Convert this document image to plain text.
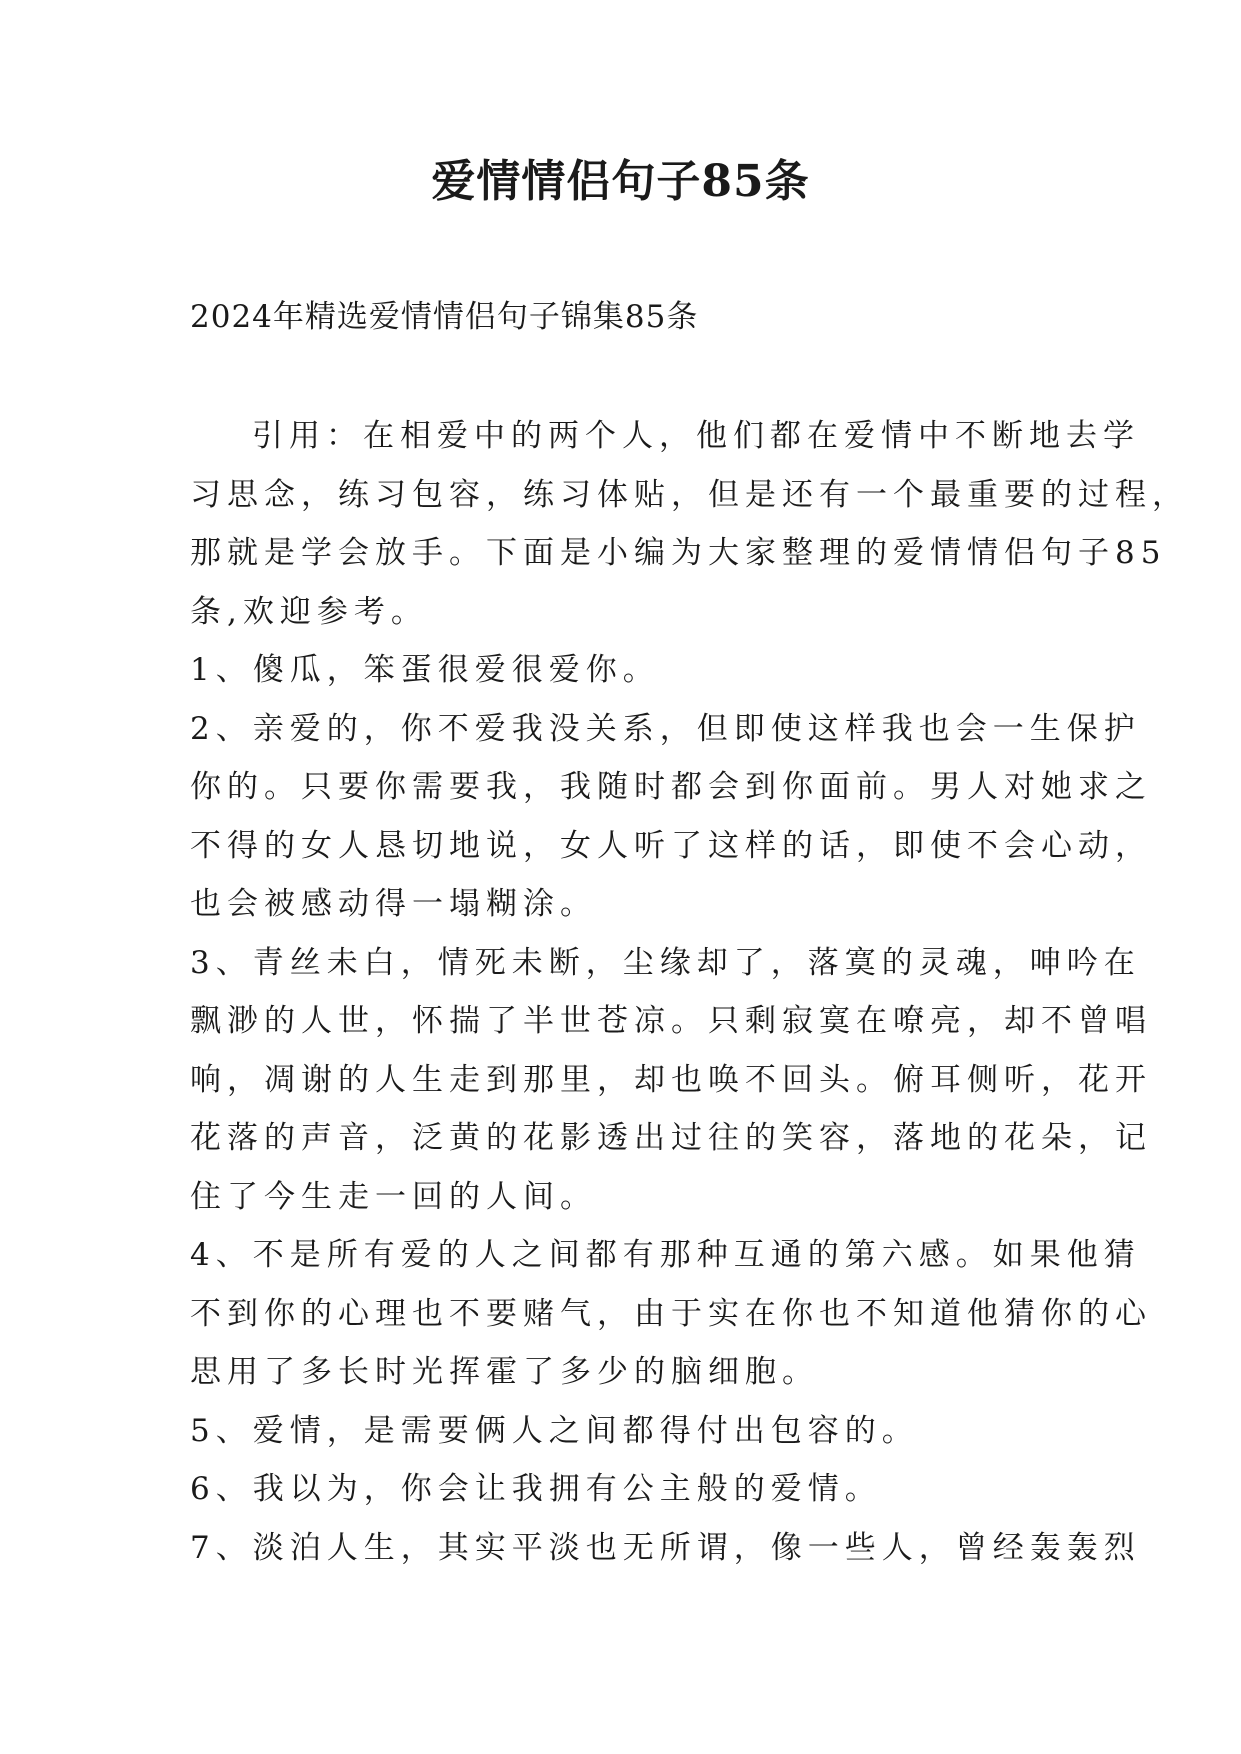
爱情情侣句子85条
2024年精选爱情情侣句子锦集85条
引用：在相爱中的两个人，他们都在爱情中不断地去学
习思念，练习包容，练习体贴，但是还有一个最重要的过程，
那就是学会放手。下面是小编为大家整理的爱情情侣句子85
条,欢迎参考。
1、傻瓜，笨蛋很爱很爱你。
2、亲爱的，你不爱我没关系，但即使这样我也会一生保护
你的。只要你需要我，我随时都会到你面前。男人对她求之
不得的女人恳切地说，女人听了这样的话，即使不会心动，
也会被感动得一塌糊涂。
3、青丝未白，情死未断，尘缘却了，落寞的灵魂，呻吟在
飘渺的人世，怀揣了半世苍凉。只剩寂寞在嘹亮，却不曾唱
响，凋谢的人生走到那里，却也唤不回头。俯耳侧听，花开
花落的声音，泛黄的花影透出过往的笑容，落地的花朵，记
住了今生走一回的人间。
4、不是所有爱的人之间都有那种互通的第六感。如果他猜
不到你的心理也不要赌气，由于实在你也不知道他猜你的心
思用了多长时光挥霍了多少的脑细胞。
5、爱情，是需要俩人之间都得付出包容的。
6、我以为，你会让我拥有公主般的爱情。
7、淡泊人生，其实平淡也无所谓，像一些人，曾经轰轰烈
